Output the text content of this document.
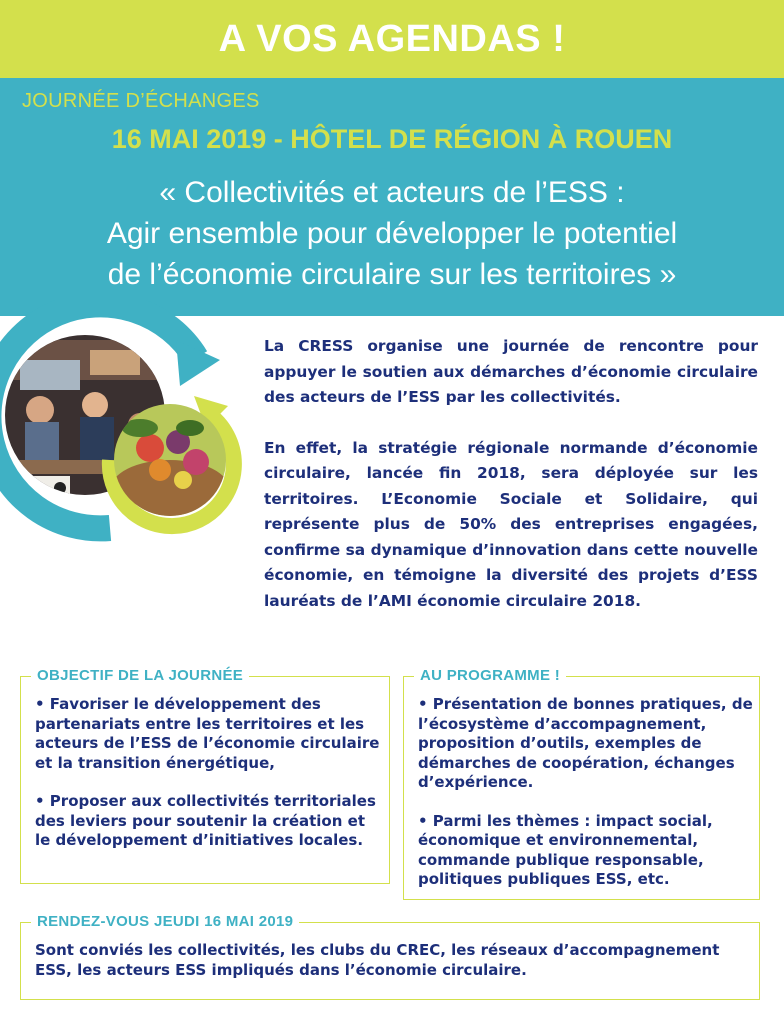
A VOS AGENDAS !
JOURNÉE D’ÉCHANGES
16 MAI 2019 - HÔTEL DE RÉGION À ROUEN
« Collectivités et acteurs de l’ESS :
Agir ensemble pour développer le potentiel
de l’économie circulaire sur les territoires »

La CRESS organise une journée de rencontre pour appuyer le soutien aux démarches d’économie circulaire des acteurs de l’ESS par les collectivités.

En effet, la stratégie régionale normande d’économie circulaire, lancée fin 2018, sera déployée sur les territoires. L’Economie Sociale et Solidaire, qui représente plus de 50% des entreprises engagées, confirme sa dynamique d’innovation dans cette nouvelle économie, en témoigne la diversité des projets d’ESS lauréats de l’AMI économie circulaire 2018.

OBJECTIF DE LA JOURNÉE

• Favoriser le développement des partenariats entre les territoires et les acteurs de l’ESS de l’économie circulaire et la transition énergétique,

• Proposer aux collectivités territoriales des leviers pour soutenir la création et le développement d’initiatives locales.

AU PROGRAMME !

• Présentation de bonnes pratiques, de l’écosystème d’accompagnement, proposition d’outils, exemples de démarches de coopération, échanges d’expérience.

• Parmi les thèmes : impact social, économique et environnemental, commande publique responsable, politiques publiques ESS, etc.

RENDEZ-VOUS JEUDI 16 MAI 2019

Sont conviés les collectivités, les clubs du CREC, les réseaux d’accompagnement ESS, les acteurs ESS impliqués dans l’économie circulaire.
